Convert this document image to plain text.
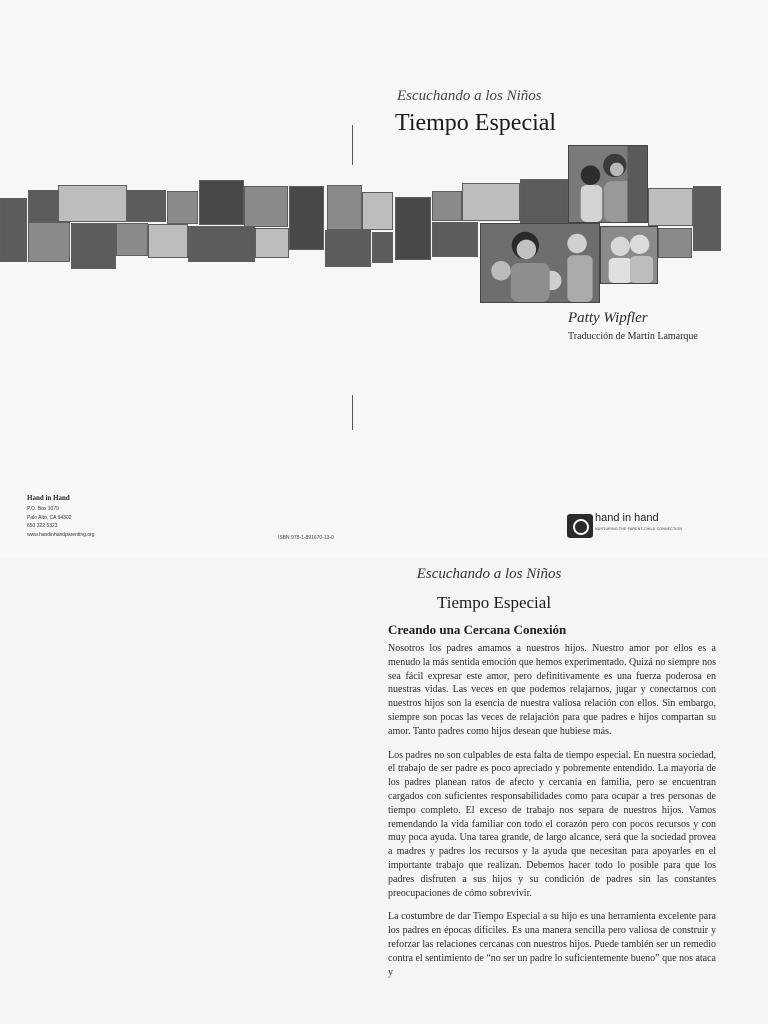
Escuchando a los Niños
Tiempo Especial
Patty Wipfler
Traducción de Martín Lamarque
Hand in Hand
P.O. Box 1079
Palo Alto, CA 94302
650 322 5323
www.handinhandparenting.org
ISBN 978-1-891670-13-0
hand in hand
NURTURING THE PARENT-CHILD CONNECTION
Escuchando a los Niños
Tiempo Especial
Creando una Cercana Conexión

Nosotros los padres amamos a nuestros hijos. Nuestro amor por ellos es a menudo la más sentida emoción que hemos experimentado. Quizá no siempre nos sea fácil expresar este amor, pero definitivamente es una fuerza poderosa en nuestras vidas. Las veces en que podemos relajarnos, jugar y conectarnos con nuestros hijos son la esencia de nuestra valiosa relación con ellos. Sin embargo, siempre son pocas las veces de relajación para que padres e hijos compartan su amor. Tanto padres como hijos desean que hubiese más.

Los padres no son culpables de esta falta de tiempo especial. En nuestra sociedad, el trabajo de ser padre es poco apreciado y pobremente entendido. La mayoría de los padres planean ratos de afecto y cercanía en familia, pero se encuentran cargados con suficientes responsabilidades como para ocupar a tres personas de tiempo completo. El exceso de trabajo nos separa de nuestros hijos. Vamos remendando la vida familiar con todo el corazón pero con pocos recursos y con muy poca ayuda. Una tarea grande, de largo alcance, será que la sociedad provea a madres y padres los recursos y la ayuda que necesitan para apoyarles en el importante trabajo que realizan. Debemos hacer todo lo posible para que los padres disfruten a sus hijos y su condición de padres sin las constantes preocupaciones de cómo sobrevivir.

La costumbre de dar Tiempo Especial a su hijo es una herramienta excelente para los padres en épocas difíciles. Es una manera sencilla pero valiosa de construir y reforzar las relaciones cercanas con nuestros hijos. Puede también ser un remedio contra el sentimiento de “no ser un padre lo suficientemente bueno” que nos ataca y
